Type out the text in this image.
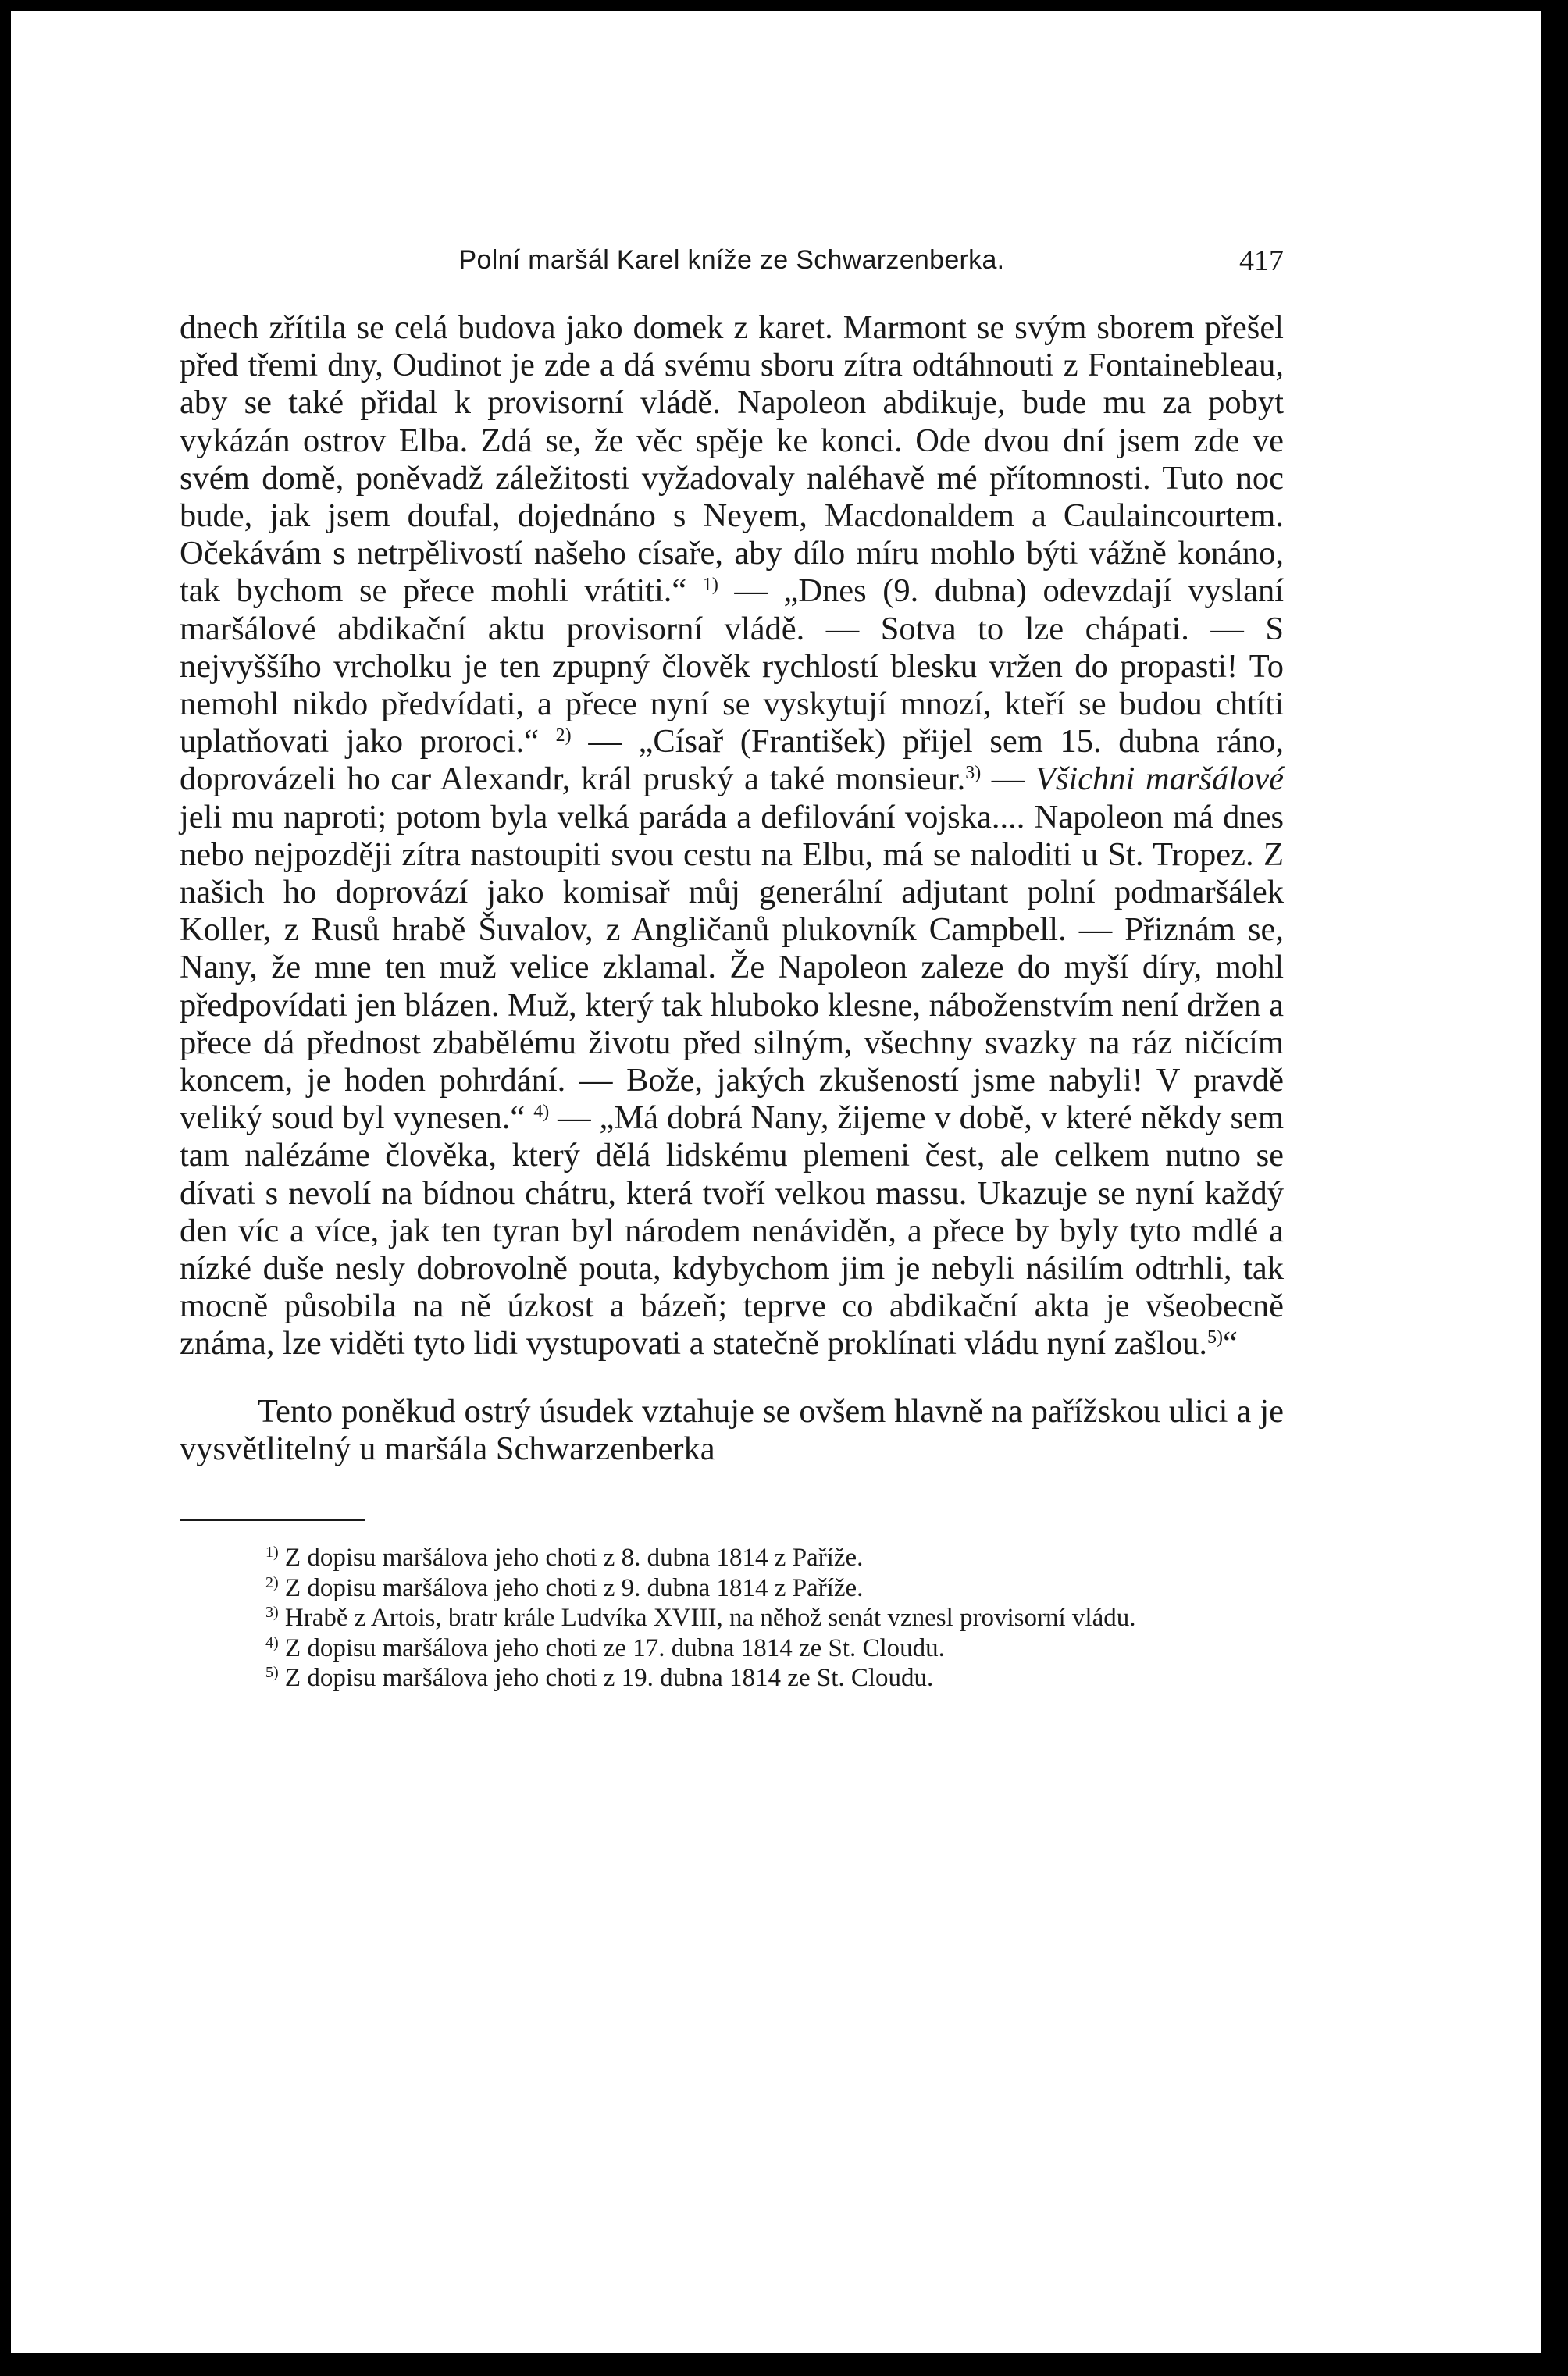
Polní maršál Karel kníže ze Schwarzenberka.	417

dnech zřítila se celá budova jako domek z karet. Marmont se svým sborem přešel před třemi dny, Oudinot je zde a dá svému sboru zítra odtáhnouti z Fontainebleau, aby se také přidal k provisorní vládě. Napoleon abdikuje, bude mu za pobyt vykázán ostrov Elba. Zdá se, že věc spěje ke konci. Ode dvou dní jsem zde ve svém domě, poněvadž záležitosti vyžadovaly naléhavě mé přítomnosti. Tuto noc bude, jak jsem doufal, dojednáno s Neyem, Macdonaldem a Caulaincourtem. Očekávám s netrpělivostí našeho císaře, aby dílo míru mohlo býti vážně konáno, tak bychom se přece mohli vrátiti.“ $^{1)}$ — „Dnes (9. dubna) odevzdají vyslaní maršálové abdikační aktu provisorní vládě. — Sotva to lze chápati. — S nejvyššího vrcholku je ten zpupný člověk rychlostí blesku vržen do propasti! To nemohl nikdo předvídati, a přece nyní se vyskytují mnozí, kteří se budou chtíti uplatňovati jako proroci.“ $^{2)}$ — „Císař (František) přijel sem 15. dubna ráno, doprovázeli ho car Alexandr, král pruský a také monsieur.$^{3)}$ — Všichni maršálové jeli mu naproti; potom byla velká paráda a defilování vojska.... Napoleon má dnes nebo nejpozději zítra nastoupiti svou cestu na Elbu, má se naloditi u St. Tropez. Z našich ho doprovází jako komisař můj generální adjutant polní podmaršálek Koller, z Rusů hrabě Šuvalov, z Angličanů plukovník Campbell. — Přiznám se, Nany, že mne ten muž velice zklamal. Že Napoleon zaleze do myší díry, mohl předpovídati jen blázen. Muž, který tak hluboko klesne, náboženstvím není držen a přece dá přednost zbabělému životu před silným, všechny svazky na ráz ničícím koncem, je hoden pohrdání. — Bože, jakých zkušeností jsme nabyli! V pravdě veliký soud byl vynesen.“ $^{4)}$ — „Má dobrá Nany, žijeme v době, v které někdy sem tam nalézáme člověka, který dělá lidskému plemeni čest, ale celkem nutno se dívati s nevolí na bídnou chátru, která tvoří velkou massu. Ukazuje se nyní každý den víc a více, jak ten tyran byl národem nenáviděn, a přece by byly tyto mdlé a nízké duše nesly dobrovolně pouta, kdybychom jim je nebyli násilím odtrhli, tak mocně působila na ně úzkost a bázeň; teprve co abdikační akta je všeobecně známa, lze viděti tyto lidi vystupovati a statečně proklínati vládu nyní zašlou.$^{5)}$“

Tento poněkud ostrý úsudek vztahuje se ovšem hlavně na pařížskou ulici a je vysvětlitelný u maršála Schwarzenberka

$^{1)}$ Z dopisu maršálova jeho choti z 8. dubna 1814 z Paříže.

$^{2)}$ Z dopisu maršálova jeho choti z 9. dubna 1814 z Paříže.

$^{3)}$ Hrabě z Artois, bratr krále Ludvíka XVIII, na něhož senát vznesl provisorní vládu.

$^{4)}$ Z dopisu maršálova jeho choti ze 17. dubna 1814 ze St. Cloudu.

$^{5)}$ Z dopisu maršálova jeho choti z 19. dubna 1814 ze St. Cloudu.
